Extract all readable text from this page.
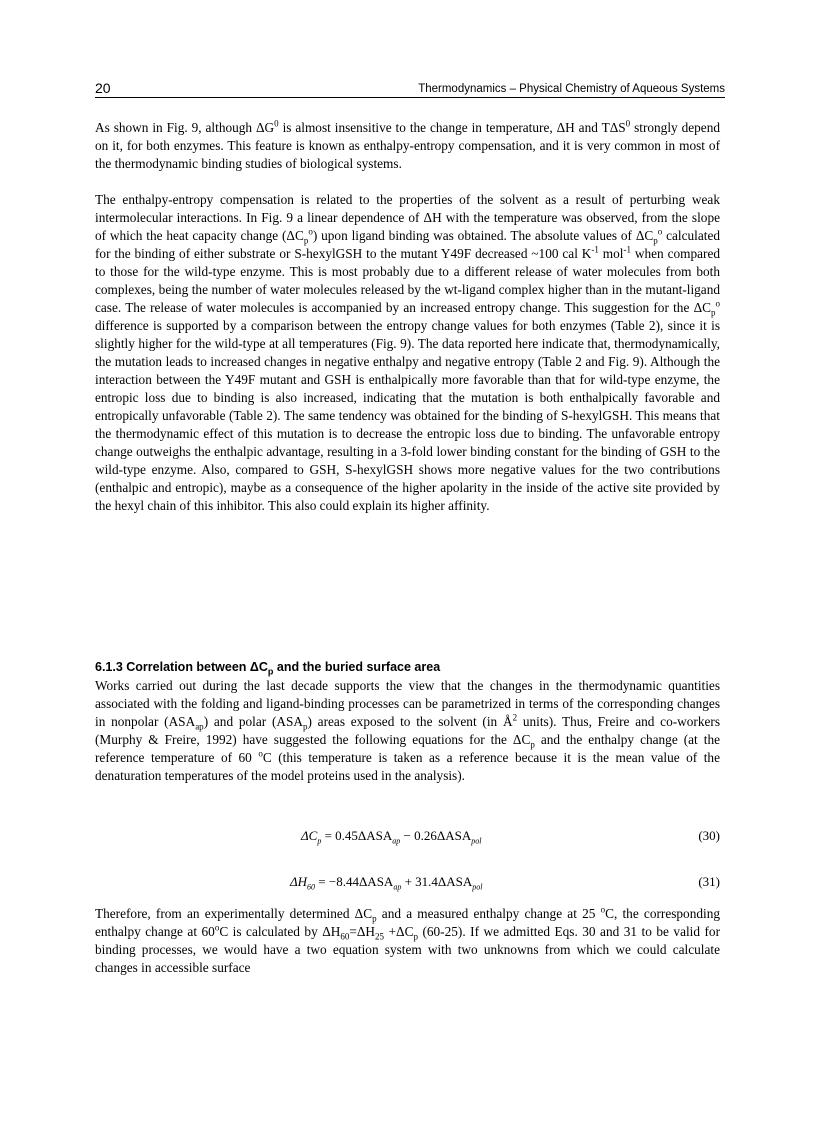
20	Thermodynamics – Physical Chemistry of Aqueous Systems

As shown in Fig. 9, although $\Delta G^0$ is almost insensitive to the change in temperature, ΔH and TΔS$^0$ strongly depend on it, for both enzymes. This feature is known as enthalpy-entropy compensation, and it is very common in most of the thermodynamic binding studies of biological systems.

The enthalpy-entropy compensation is related to the properties of the solvent as a result of perturbing weak intermolecular interactions. In Fig. 9 a linear dependence of ΔH with the temperature was observed, from the slope of which the heat capacity change $(\Delta C_p^o)$ upon ligand binding was obtained. The absolute values of $\Delta C_p^o$ calculated for the binding of either substrate or S-hexylGSH to the mutant Y49F decreased ~100 cal $K^{-1}$ mol$^{-1}$ when compared to those for the wild-type enzyme. This is most probably due to a different release of water molecules from both complexes, being the number of water molecules released by the wt-ligand complex higher than in the mutant-ligand case. The release of water molecules is accompanied by an increased entropy change. This suggestion for the $\Delta C_p^o$ difference is supported by a comparison between the entropy change values for both enzymes (Table 2), since it is slightly higher for the wild-type at all temperatures (Fig. 9). The data reported here indicate that, thermodynamically, the mutation leads to increased changes in negative enthalpy and negative entropy (Table 2 and Fig. 9). Although the interaction between the Y49F mutant and GSH is enthalpically more favorable than that for wild-type enzyme, the entropic loss due to binding is also increased, indicating that the mutation is both enthalpically favorable and entropically unfavorable (Table 2). The same tendency was obtained for the binding of S-hexylGSH. This means that the thermodynamic effect of this mutation is to decrease the entropic loss due to binding. The unfavorable entropy change outweighs the enthalpic advantage, resulting in a 3-fold lower binding constant for the binding of GSH to the wild-type enzyme. Also, compared to GSH, S-hexylGSH shows more negative values for the two contributions (enthalpic and entropic), maybe as a consequence of the higher apolarity in the inside of the active site provided by the hexyl chain of this inhibitor. This also could explain its higher affinity.

6.1.3 Correlation between $\Delta C_p$ and the buried surface area

Works carried out during the last decade supports the view that the changes in the thermodynamic quantities associated with the folding and ligand-binding processes can be parametrized in terms of the corresponding changes in nonpolar $(ASA_{ap})$ and polar $(ASA_p)$ areas exposed to the solvent (in $Å^2$ units). Thus, Freire and co-workers (Murphy & Freire, 1992) have suggested the following equations for the $\Delta C_p$ and the enthalpy change (at the reference temperature of 60 $^o$C (this temperature is taken as a reference because it is the mean value of the denaturation temperatures of the model proteins used in the analysis).

$\Delta C_p = 0.45\Delta ASA_{ap} - 0.26\Delta ASA_{pol}$	(30)
$\Delta H_{60} = -8.44\Delta ASA_{ap} + 31.4\Delta ASA_{pol}$	(31)

Therefore, from an experimentally determined $\Delta C_p$ and a measured enthalpy change at 25 $^o$C, the corresponding enthalpy change at 60$^o$C is calculated by $\Delta H_{60}=\Delta H_{25} +\Delta C_p$ (60-25). If we admitted Eqs. 30 and 31 to be valid for binding processes, we would have a two equation system with two unknowns from which we could calculate changes in accessible surface
